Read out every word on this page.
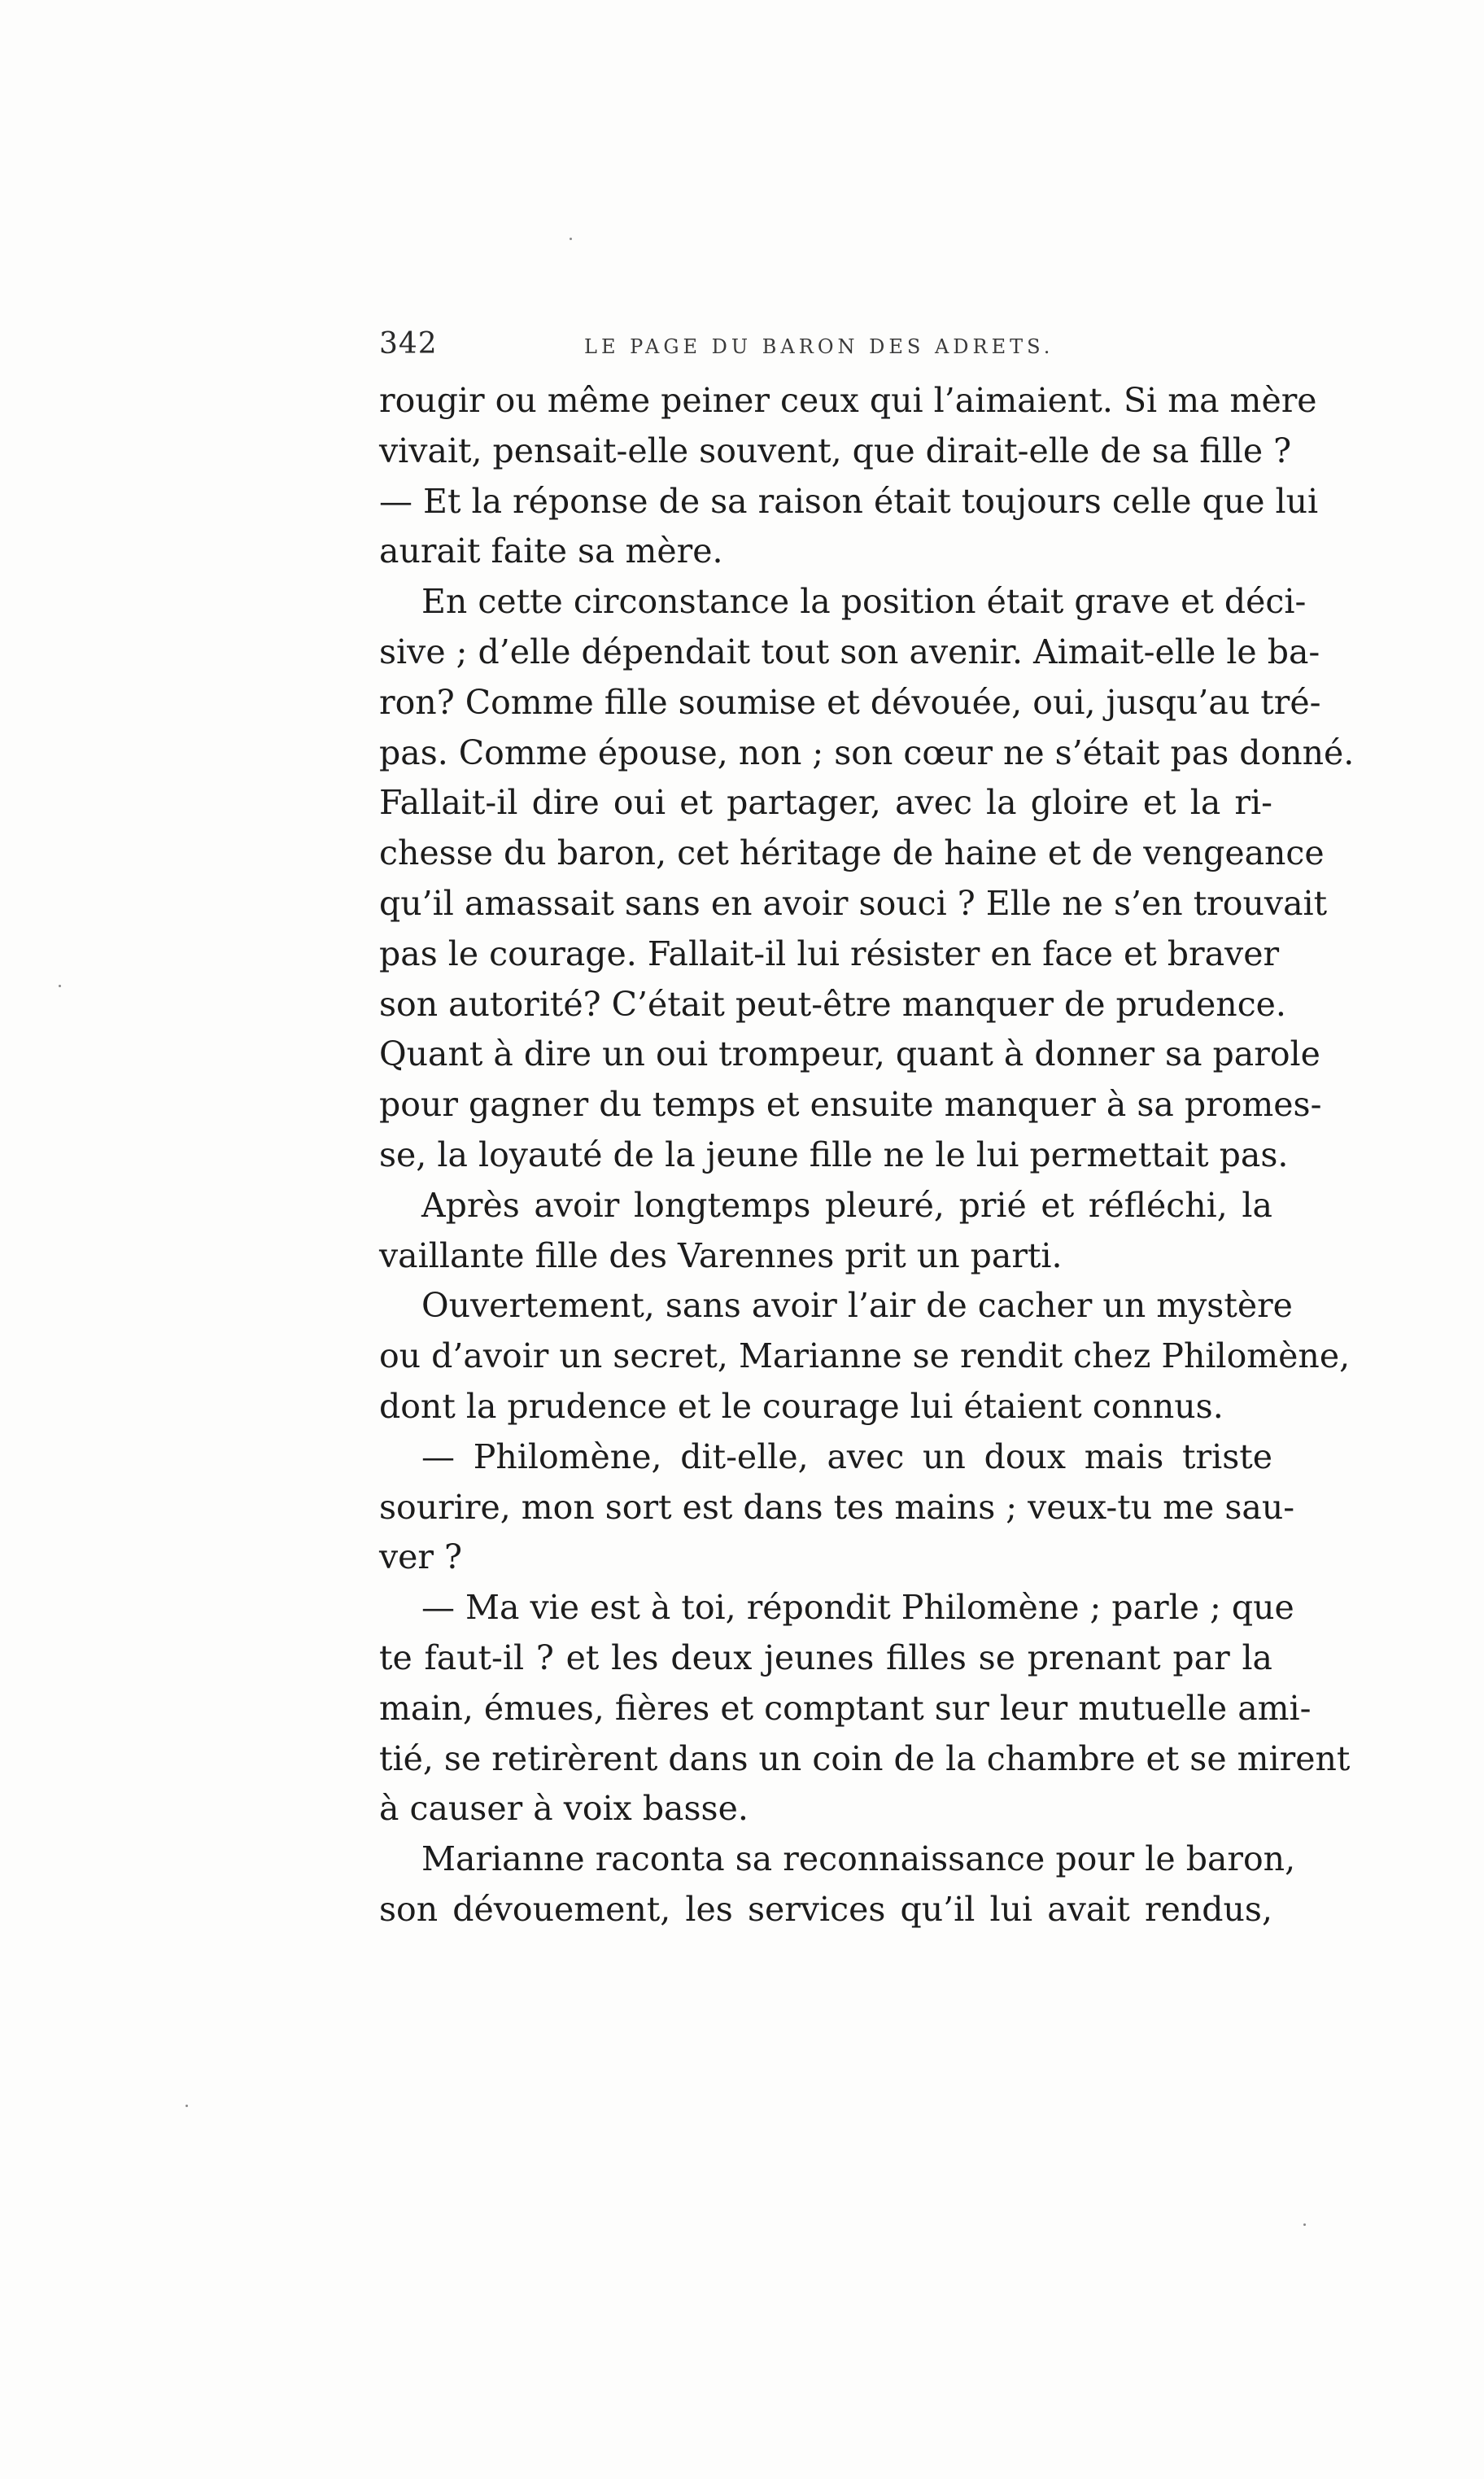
342	LE PAGE DU BARON DES ADRETS.
rougir ou même peiner ceux qui l’aimaient. Si ma mère
vivait, pensait-elle souvent, que dirait-elle de sa fille ?
— Et la réponse de sa raison était toujours celle que lui
aurait faite sa mère.
En cette circonstance la position était grave et déci-
sive ; d’elle dépendait tout son avenir. Aimait-elle le ba-
ron? Comme fille soumise et dévouée, oui, jusqu’au tré-
pas. Comme épouse, non ; son cœur ne s’était pas donné.
Fallait-il dire oui et partager, avec la gloire et la ri-
chesse du baron, cet héritage de haine et de vengeance
qu’il amassait sans en avoir souci ? Elle ne s’en trouvait
pas le courage. Fallait-il lui résister en face et braver
son autorité? C’était peut-être manquer de prudence.
Quant à dire un oui trompeur, quant à donner sa parole
pour gagner du temps et ensuite manquer à sa promes-
se, la loyauté de la jeune fille ne le lui permettait pas.
Après avoir longtemps pleuré, prié et réfléchi, la
vaillante fille des Varennes prit un parti.
Ouvertement, sans avoir l’air de cacher un mystère
ou d’avoir un secret, Marianne se rendit chez Philomène,
dont la prudence et le courage lui étaient connus.
— Philomène, dit-elle, avec un doux mais triste
sourire, mon sort est dans tes mains ; veux-tu me sau-
ver ?
— Ma vie est à toi, répondit Philomène ; parle ; que
te faut-il ? et les deux jeunes filles se prenant par la
main, émues, fières et comptant sur leur mutuelle ami-
tié, se retirèrent dans un coin de la chambre et se mirent
à causer à voix basse.
Marianne raconta sa reconnaissance pour le baron,
son dévouement, les services qu’il lui avait rendus,
